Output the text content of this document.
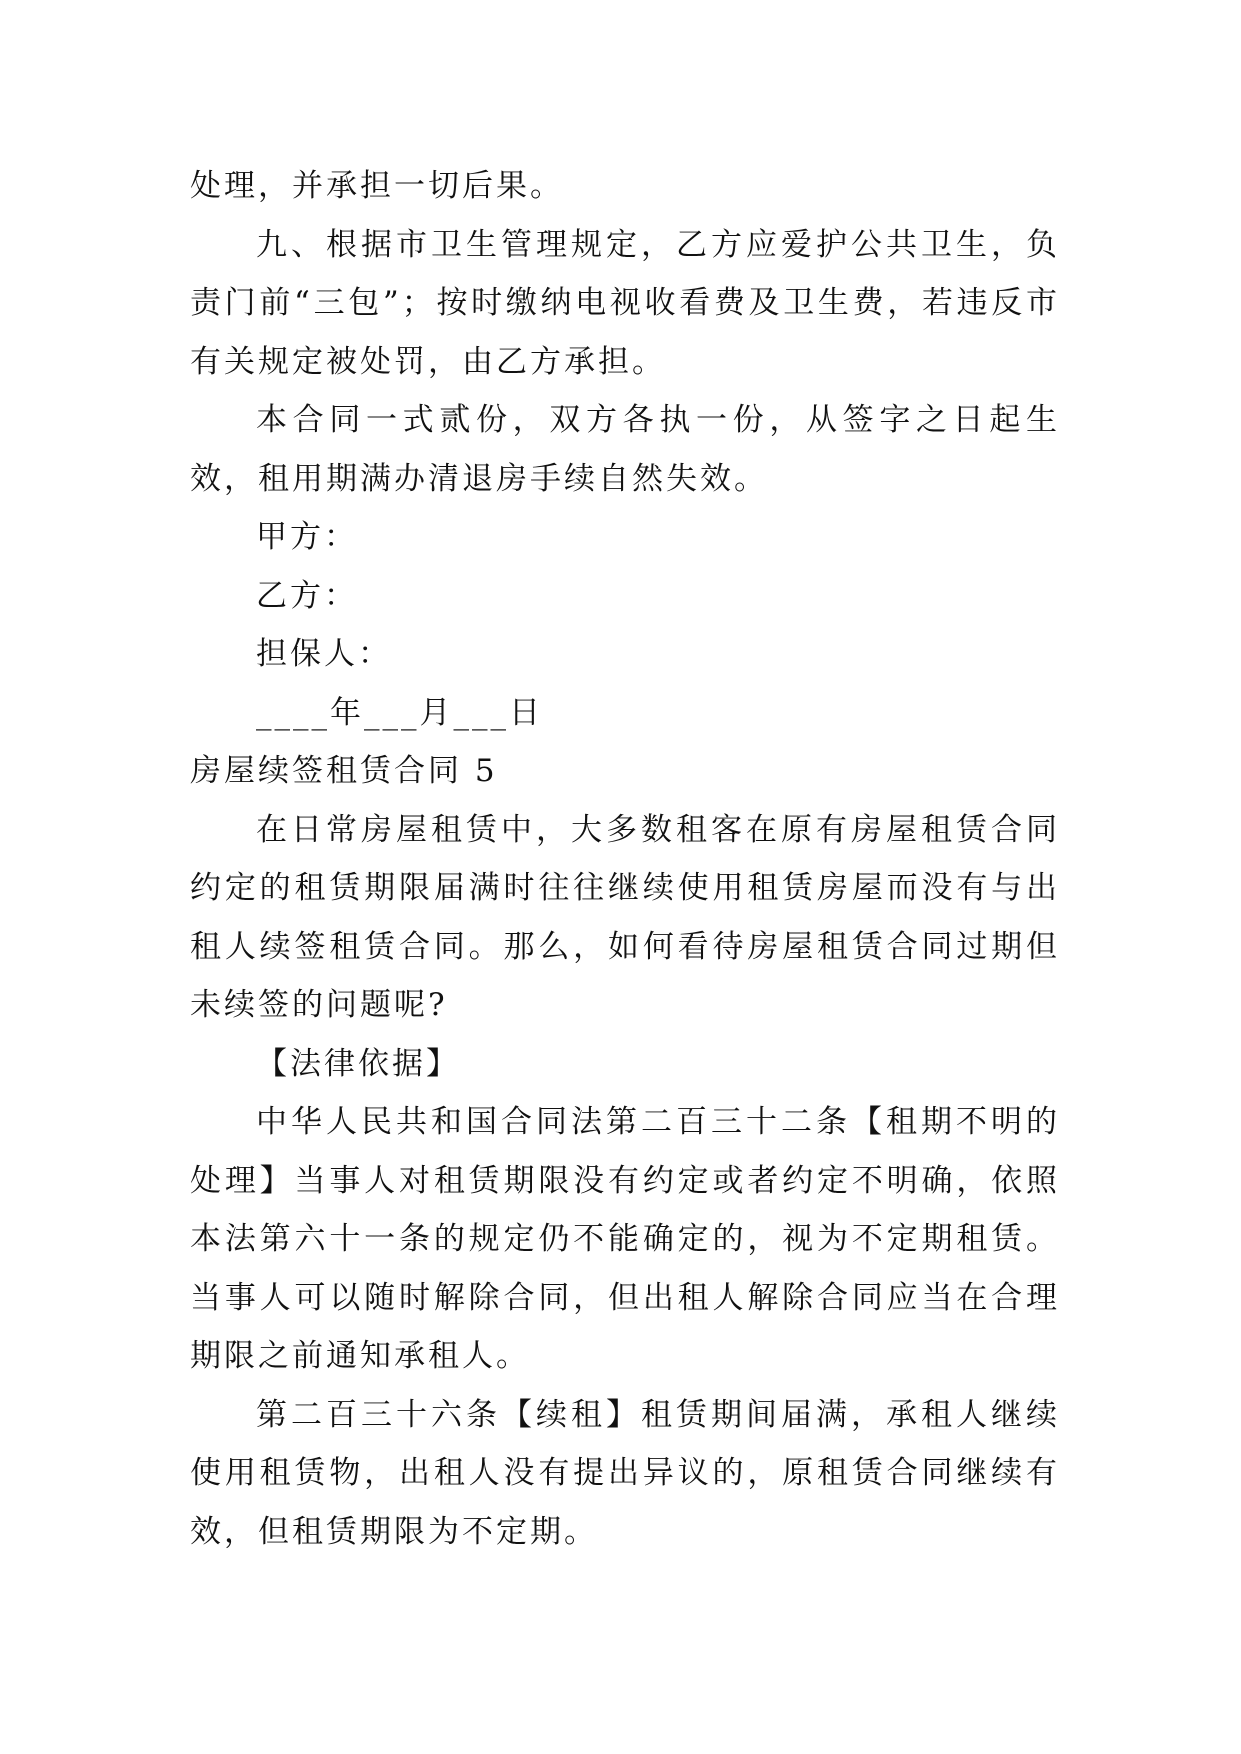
处理，并承担一切后果。

九、根据市卫生管理规定，乙方应爱护公共卫生，负责门前“三包”；按时缴纳电视收看费及卫生费，若违反市有关规定被处罚，由乙方承担。

本合同一式贰份，双方各执一份，从签字之日起生效，租用期满办清退房手续自然失效。

甲方：

乙方：

担保人：

____年___月___日

房屋续签租赁合同 5

在日常房屋租赁中，大多数租客在原有房屋租赁合同约定的租赁期限届满时往往继续使用租赁房屋而没有与出租人续签租赁合同。那么，如何看待房屋租赁合同过期但未续签的问题呢?

【法律依据】

中华人民共和国合同法第二百三十二条【租期不明的处理】当事人对租赁期限没有约定或者约定不明确，依照本法第六十一条的规定仍不能确定的，视为不定期租赁。当事人可以随时解除合同，但出租人解除合同应当在合理期限之前通知承租人。

第二百三十六条【续租】租赁期间届满，承租人继续使用租赁物，出租人没有提出异议的，原租赁合同继续有效，但租赁期限为不定期。
